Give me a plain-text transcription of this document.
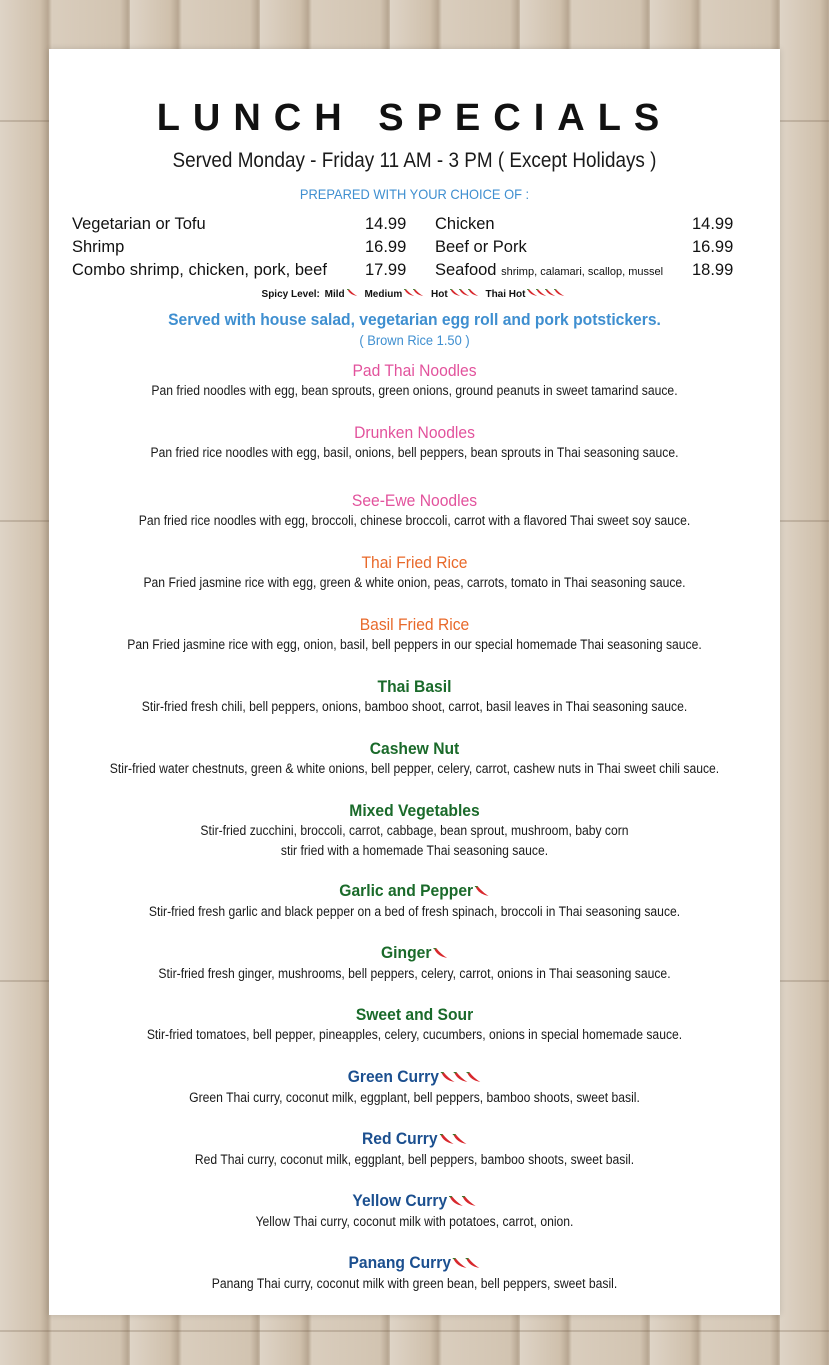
LUNCH SPECIALS
Served Monday - Friday 11 AM - 3 PM ( Except Holidays )
PREPARED WITH YOUR CHOICE OF :
Vegetarian or Tofu	14.99 Chicken	14.99
Shrimp	16.99 Beef or Pork	16.99
Combo shrimp, chicken, pork, beef 17.99 Seafood shrimp, calamari, scallop, mussel 18.99
Spicy Level: Mild Medium	Hot	Thai Hot
Served with house salad, vegetarian egg roll and pork potstickers.
( Brown Rice 1.50 )
Pad Thai Noodles
Pan fried noodles with egg, bean sprouts, green onions, ground peanuts in sweet tamarind sauce.
Drunken Noodles
Pan fried rice noodles with egg, basil, onions, bell peppers, bean sprouts in Thai seasoning sauce.
See-Ewe Noodles
Pan fried rice noodles with egg, broccoli, chinese broccoli, carrot with a flavored Thai sweet soy sauce.
Thai Fried Rice
Pan Fried jasmine rice with egg, green & white onion, peas, carrots, tomato in Thai seasoning sauce.
Basil Fried Rice
Pan Fried jasmine rice with egg, onion, basil, bell peppers in our special homemade Thai seasoning sauce.
Thai Basil
Stir-fried fresh chili, bell peppers, onions, bamboo shoot, carrot, basil leaves in Thai seasoning sauce.
Cashew Nut
Stir-fried water chestnuts, green & white onions, bell pepper, celery, carrot, cashew nuts in Thai sweet chili sauce.
Mixed Vegetables
Stir-fried zucchini, broccoli, carrot, cabbage, bean sprout, mushroom, baby corn
stir fried with a homemade Thai seasoning sauce.
Garlic and Pepper
Stir-fried fresh garlic and black pepper on a bed of fresh spinach, broccoli in Thai seasoning sauce.
Ginger
Stir-fried fresh ginger, mushrooms, bell peppers, celery, carrot, onions in Thai seasoning sauce.
Sweet and Sour
Stir-fried tomatoes, bell pepper, pineapples, celery, cucumbers, onions in special homemade sauce.
Green Curry
Green Thai curry, coconut milk, eggplant, bell peppers, bamboo shoots, sweet basil.
Red Curry
Red Thai curry, coconut milk, eggplant, bell peppers, bamboo shoots, sweet basil.
Yellow Curry
Yellow Thai curry, coconut milk with potatoes, carrot, onion.
Panang Curry
Panang Thai curry, coconut milk with green bean, bell peppers, sweet basil.
